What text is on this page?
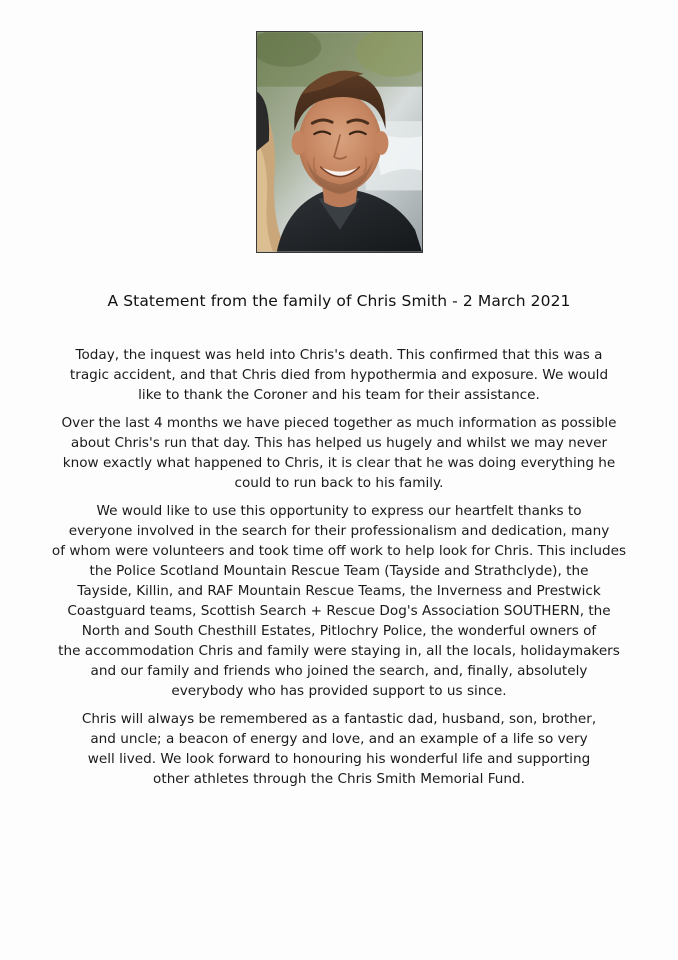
A Statement from the family of Chris Smith - 2 March 2021

Today, the inquest was held into Chris's death. This confirmed that this was a
tragic accident, and that Chris died from hypothermia and exposure. We would
like to thank the Coroner and his team for their assistance.

Over the last 4 months we have pieced together as much information as possible
about Chris's run that day. This has helped us hugely and whilst we may never
know exactly what happened to Chris, it is clear that he was doing everything he
could to run back to his family.

We would like to use this opportunity to express our heartfelt thanks to
everyone involved in the search for their professionalism and dedication, many
of whom were volunteers and took time off work to help look for Chris. This includes
the Police Scotland Mountain Rescue Team (Tayside and Strathclyde), the
Tayside, Killin, and RAF Mountain Rescue Teams, the Inverness and Prestwick
Coastguard teams, Scottish Search + Rescue Dog's Association SOUTHERN, the
North and South Chesthill Estates, Pitlochry Police, the wonderful owners of
the accommodation Chris and family were staying in, all the locals, holidaymakers
and our family and friends who joined the search, and, finally, absolutely
everybody who has provided support to us since.

Chris will always be remembered as a fantastic dad, husband, son, brother,
and uncle; a beacon of energy and love, and an example of a life so very
well lived. We look forward to honouring his wonderful life and supporting
other athletes through the Chris Smith Memorial Fund.
